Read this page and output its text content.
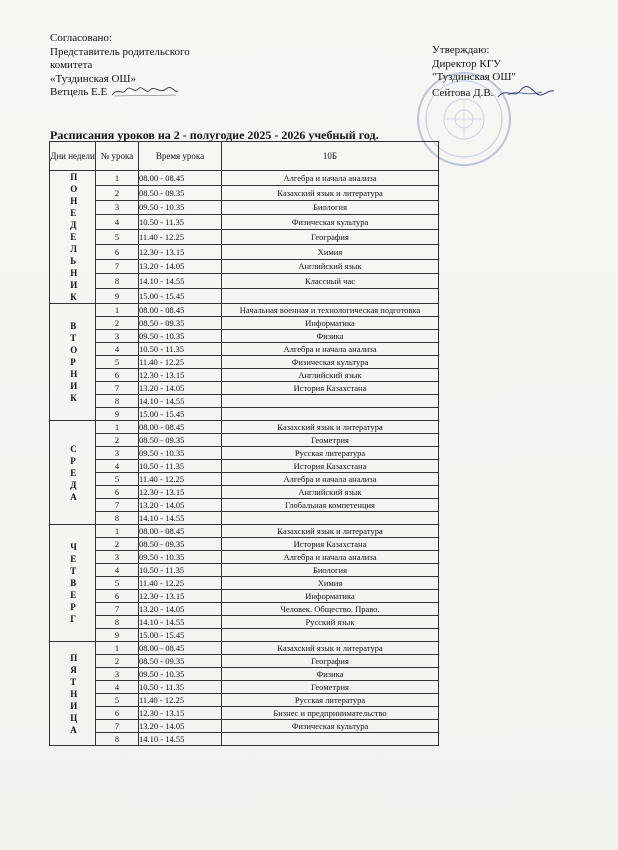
Согласовано:
Представитель родительского
комитета
«Туздинская ОШ»
Ветцель Е.Е
Утверждаю:
Директор КГУ
"Туздинская ОШ"
Сейтова Д.В.
Расписания уроков на 2 - полугодие 2025 - 2026 учебный год.
Дни недели	№ урока	Время урока	10Б
ПОНЕДЕЛЬНИК	1	08.00 - 08.45	Алгебра и начала анализа
	2	08.50 - 09.35	Казахский язык и литература
	3	09.50 - 10.35	Биология
	4	10.50 - 11.35	Физическая культура
	5	11.40 - 12.25	География
	6	12.30 - 13.15	Химия
	7	13.20 - 14.05	Английский язык
	8	14.10 - 14.55	Классный час
	9	15.00 - 15.45	
ВТОРНИК	1	08.00 - 08.45	Начальная военная и технологическая подготовка
	2	08.50 - 09.35	Информатика
	3	09.50 - 10.35	Физика
	4	10.50 - 11.35	Алгебра и начала анализа
	5	11.40 - 12.25	Физическая культура
	6	12.30 - 13.15	Английский язык
	7	13.20 - 14.05	История Казахстана
	8	14.10 - 14.55	
	9	15.00 - 15.45	
СРЕДА	1	08.00 - 08.45	Казахский язык и литература
	2	08.50 - 09.35	Геометрия
	3	09.50 - 10.35	Русская литература
	4	10.50 - 11.35	История Казахстана
	5	11.40 - 12.25	Алгебра и начала анализа
	6	12.30 - 13.15	Английский язык
	7	13.20 - 14.05	Глобальная компетенция
	8	14.10 - 14.55	
ЧЕТВЕРГ	1	08.00 - 08.45	Казахский язык и литература
	2	08.50 - 09.35	История Казахстана
	3	09.50 - 10.35	Алгебра и начала анализа
	4	10.50 - 11.35	Биология
	5	11.40 - 12.25	Химия
	6	12.30 - 13.15	Информатика
	7	13.20 - 14.05	Человек. Общество. Право.
	8	14.10 - 14.55	Русский язык
	9	15.00 - 15.45	
ПЯТНИЦА	1	08.00 - 08.45	Казахский язык и литература
	2	08.50 - 09.35	География
	3	09.50 - 10.35	Физика
	4	10.50 - 11.35	Геометрия
	5	11.40 - 12.25	Русская литература
	6	12.30 - 13.15	Бизнес и предпринимательство
	7	13.20 - 14.05	Физическая культура
	8	14.10 - 14.55	
